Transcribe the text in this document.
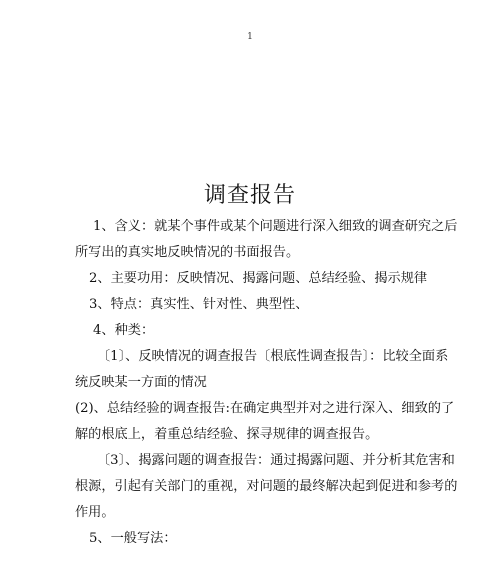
1
调查报告
1、含义：就某个事件或某个问题进行深入细致的调查研究之后
所写出的真实地反映情况的书面报告。
2、主要功用：反映情况、揭露问题、总结经验、揭示规律
3、特点：真实性、针对性、典型性、
4、种类：
〔1〕、反映情况的调查报告〔根底性调查报告〕：比较全面系
统反映某一方面的情况
(2)、总结经验的调查报告:在确定典型并对之进行深入、细致的了
解的根底上，着重总结经验、探寻规律的调查报告。
〔3〕、揭露问题的调查报告：通过揭露问题、并分析其危害和
根源，引起有关部门的重视，对问题的最终解决起到促进和参考的
作用。
5、一般写法：
